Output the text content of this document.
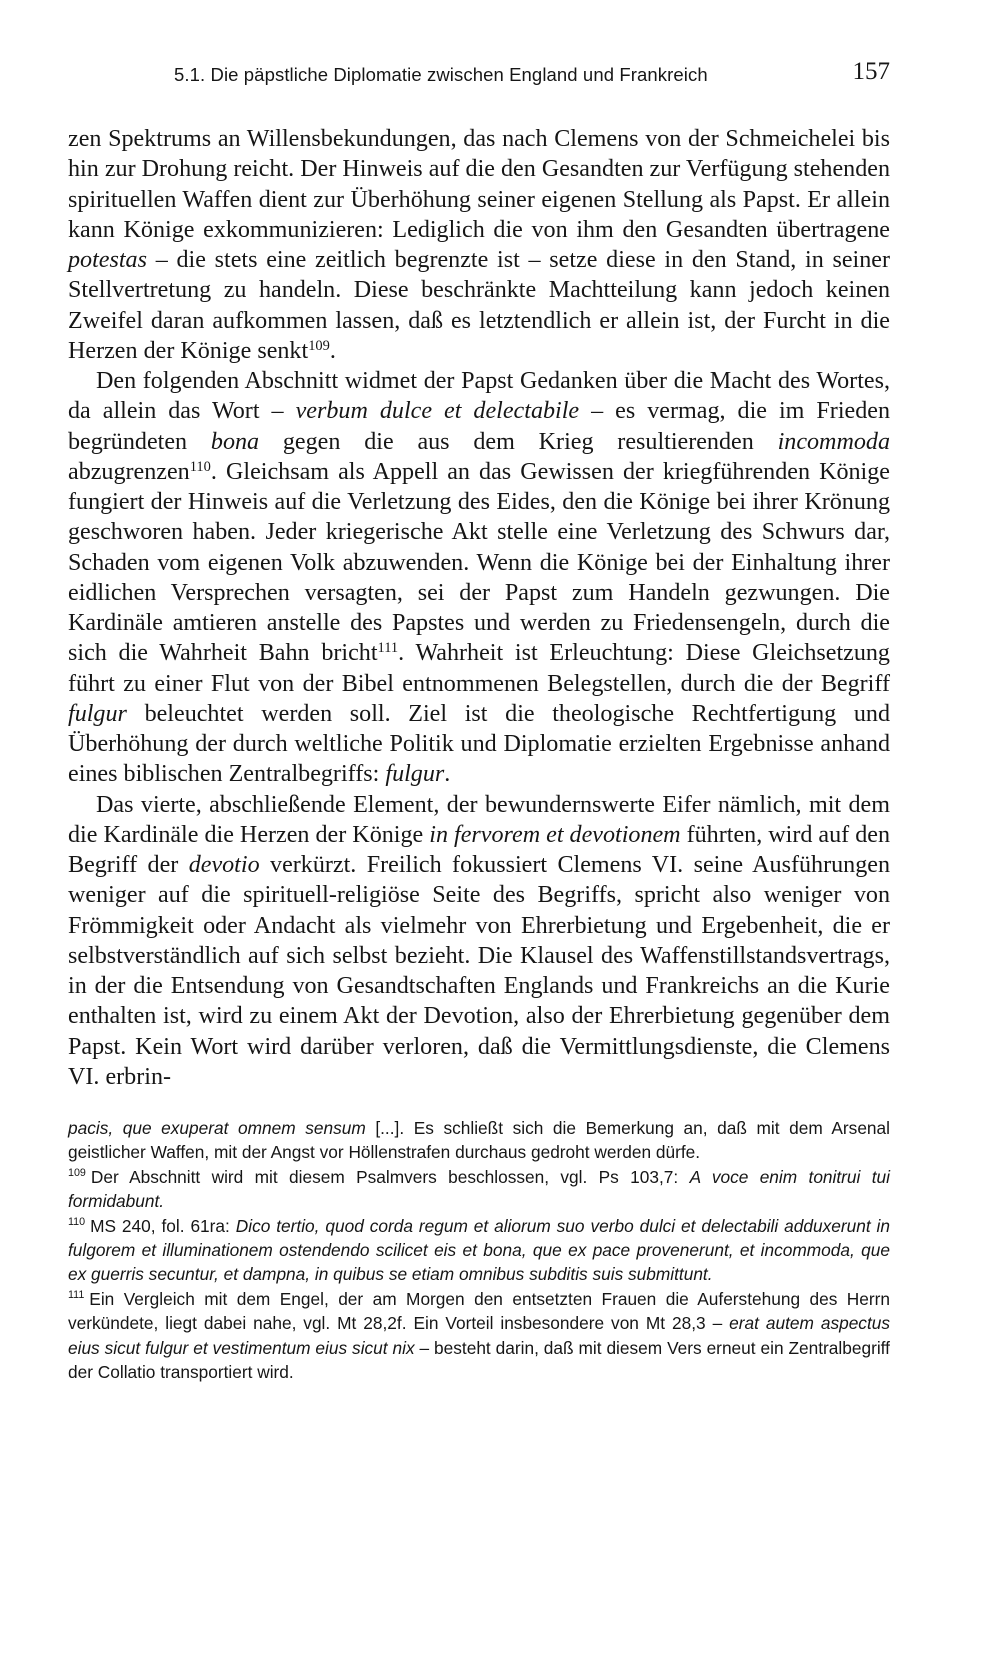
5.1. Die päpstliche Diplomatie zwischen England und Frankreich	157

zen Spektrums an Willensbekundungen, das nach Clemens von der Schmeichelei bis hin zur Drohung reicht. Der Hinweis auf die den Gesandten zur Verfügung stehenden spirituellen Waffen dient zur Überhöhung seiner eigenen Stellung als Papst. Er allein kann Könige exkommunizieren: Lediglich die von ihm den Gesandten übertragene potestas – die stets eine zeitlich begrenzte ist – setze diese in den Stand, in seiner Stellvertretung zu handeln. Diese beschränkte Machtteilung kann jedoch keinen Zweifel daran aufkommen lassen, daß es letztendlich er allein ist, der Furcht in die Herzen der Könige senkt$^{109}$.

Den folgenden Abschnitt widmet der Papst Gedanken über die Macht des Wortes, da allein das Wort – verbum dulce et delectabile – es vermag, die im Frieden begründeten bona gegen die aus dem Krieg resultierenden incommoda abzugrenzen$^{110}$. Gleichsam als Appell an das Gewissen der kriegführenden Könige fungiert der Hinweis auf die Verletzung des Eides, den die Könige bei ihrer Krönung geschworen haben. Jeder kriegerische Akt stelle eine Verletzung des Schwurs dar, Schaden vom eigenen Volk abzuwenden. Wenn die Könige bei der Einhaltung ihrer eidlichen Versprechen versagten, sei der Papst zum Handeln gezwungen. Die Kardinäle amtieren anstelle des Papstes und werden zu Friedensengeln, durch die sich die Wahrheit Bahn bricht$^{111}$. Wahrheit ist Erleuchtung: Diese Gleichsetzung führt zu einer Flut von der Bibel entnommenen Belegstellen, durch die der Begriff fulgur beleuchtet werden soll. Ziel ist die theologische Rechtfertigung und Überhöhung der durch weltliche Politik und Diplomatie erzielten Ergebnisse anhand eines biblischen Zentralbegriffs: fulgur.

Das vierte, abschließende Element, der bewundernswerte Eifer nämlich, mit dem die Kardinäle die Herzen der Könige in fervorem et devotionem führten, wird auf den Begriff der devotio verkürzt. Freilich fokussiert Clemens VI. seine Ausführungen weniger auf die spirituell-religiöse Seite des Begriffs, spricht also weniger von Frömmigkeit oder Andacht als vielmehr von Ehrerbietung und Ergebenheit, die er selbstverständlich auf sich selbst bezieht. Die Klausel des Waffenstillstandsvertrags, in der die Entsendung von Gesandtschaften Englands und Frankreichs an die Kurie enthalten ist, wird zu einem Akt der Devotion, also der Ehrerbietung gegenüber dem Papst. Kein Wort wird darüber verloren, daß die Vermittlungsdienste, die Clemens VI. erbrin-

pacis, que exuperat omnem sensum [...]. Es schließt sich die Bemerkung an, daß mit dem Arsenal geistlicher Waffen, mit der Angst vor Höllenstrafen durchaus gedroht werden dürfe.

$^{109}$ Der Abschnitt wird mit diesem Psalmvers beschlossen, vgl. Ps 103,7: A voce enim tonitrui tui formidabunt.

$^{110}$ MS 240, fol. 61ra: Dico tertio, quod corda regum et aliorum suo verbo dulci et delectabili adduxerunt in fulgorem et illuminationem ostendendo scilicet eis et bona, que ex pace provenerunt, et incommoda, que ex guerris secuntur, et dampna, in quibus se etiam omnibus subditis suis submittunt.

$^{111}$ Ein Vergleich mit dem Engel, der am Morgen den entsetzten Frauen die Auferstehung des Herrn verkündete, liegt dabei nahe, vgl. Mt 28,2f. Ein Vorteil insbesondere von Mt 28,3 – erat autem aspectus eius sicut fulgur et vestimentum eius sicut nix – besteht darin, daß mit diesem Vers erneut ein Zentralbegriff der Collatio transportiert wird.
